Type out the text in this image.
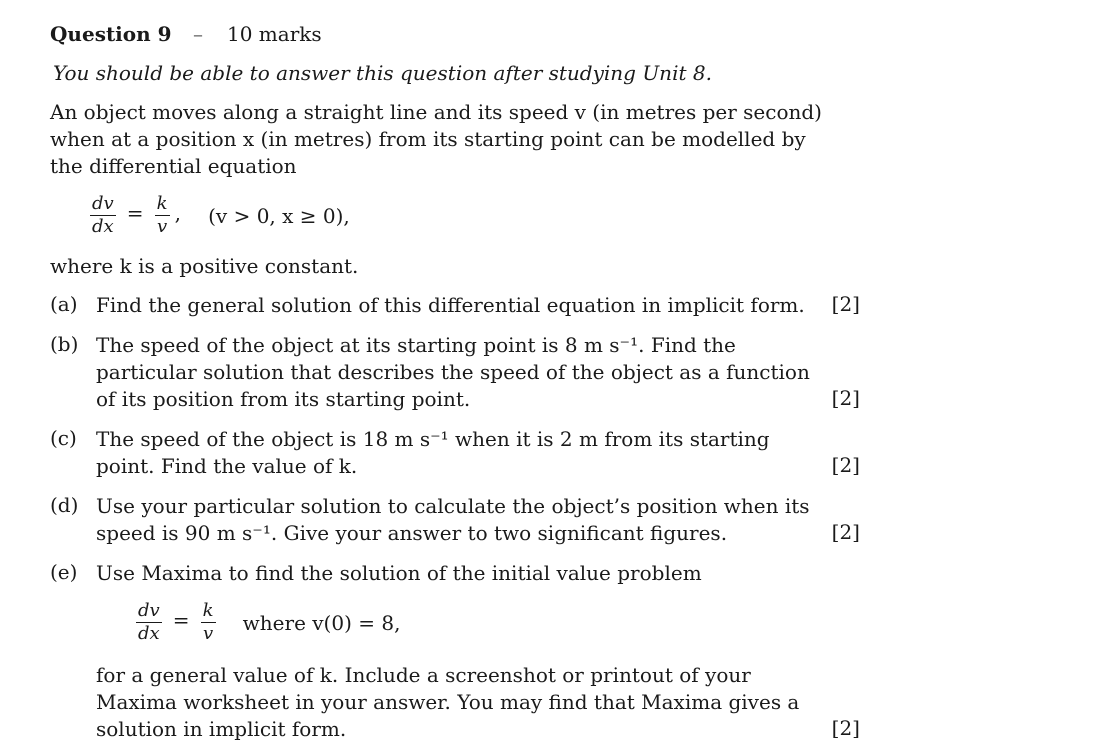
Question 9 – 10 marks
You should be able to answer this question after studying Unit 8.
An object moves along a straight line and its speed v (in metres per second)
when at a position x (in metres) from its starting point can be modelled by
the differential equation
$\frac{dv}{dx} = \frac{k}{v}$ , (v > 0, x ≥ 0),
where k is a positive constant.
(a) Find the general solution of this differential equation in implicit form. [2]
(b) The speed of the object at its starting point is 8 m s⁻¹. Find the
particular solution that describes the speed of the object as a function
of its position from its starting point.	[2]
(c) The speed of the object is 18 m s⁻¹ when it is 2 m from its starting
point. Find the value of k.	[2]
(d) Use your particular solution to calculate the object’s position when its
speed is 90 m s⁻¹. Give your answer to two significant figures.	[2]
(e) Use Maxima to find the solution of the initial value problem
$\frac{dv}{dx} = \frac{k}{v}$ where v(0) = 8,
for a general value of k. Include a screenshot or printout of your
Maxima worksheet in your answer. You may find that Maxima gives a
solution in implicit form.	[2]
